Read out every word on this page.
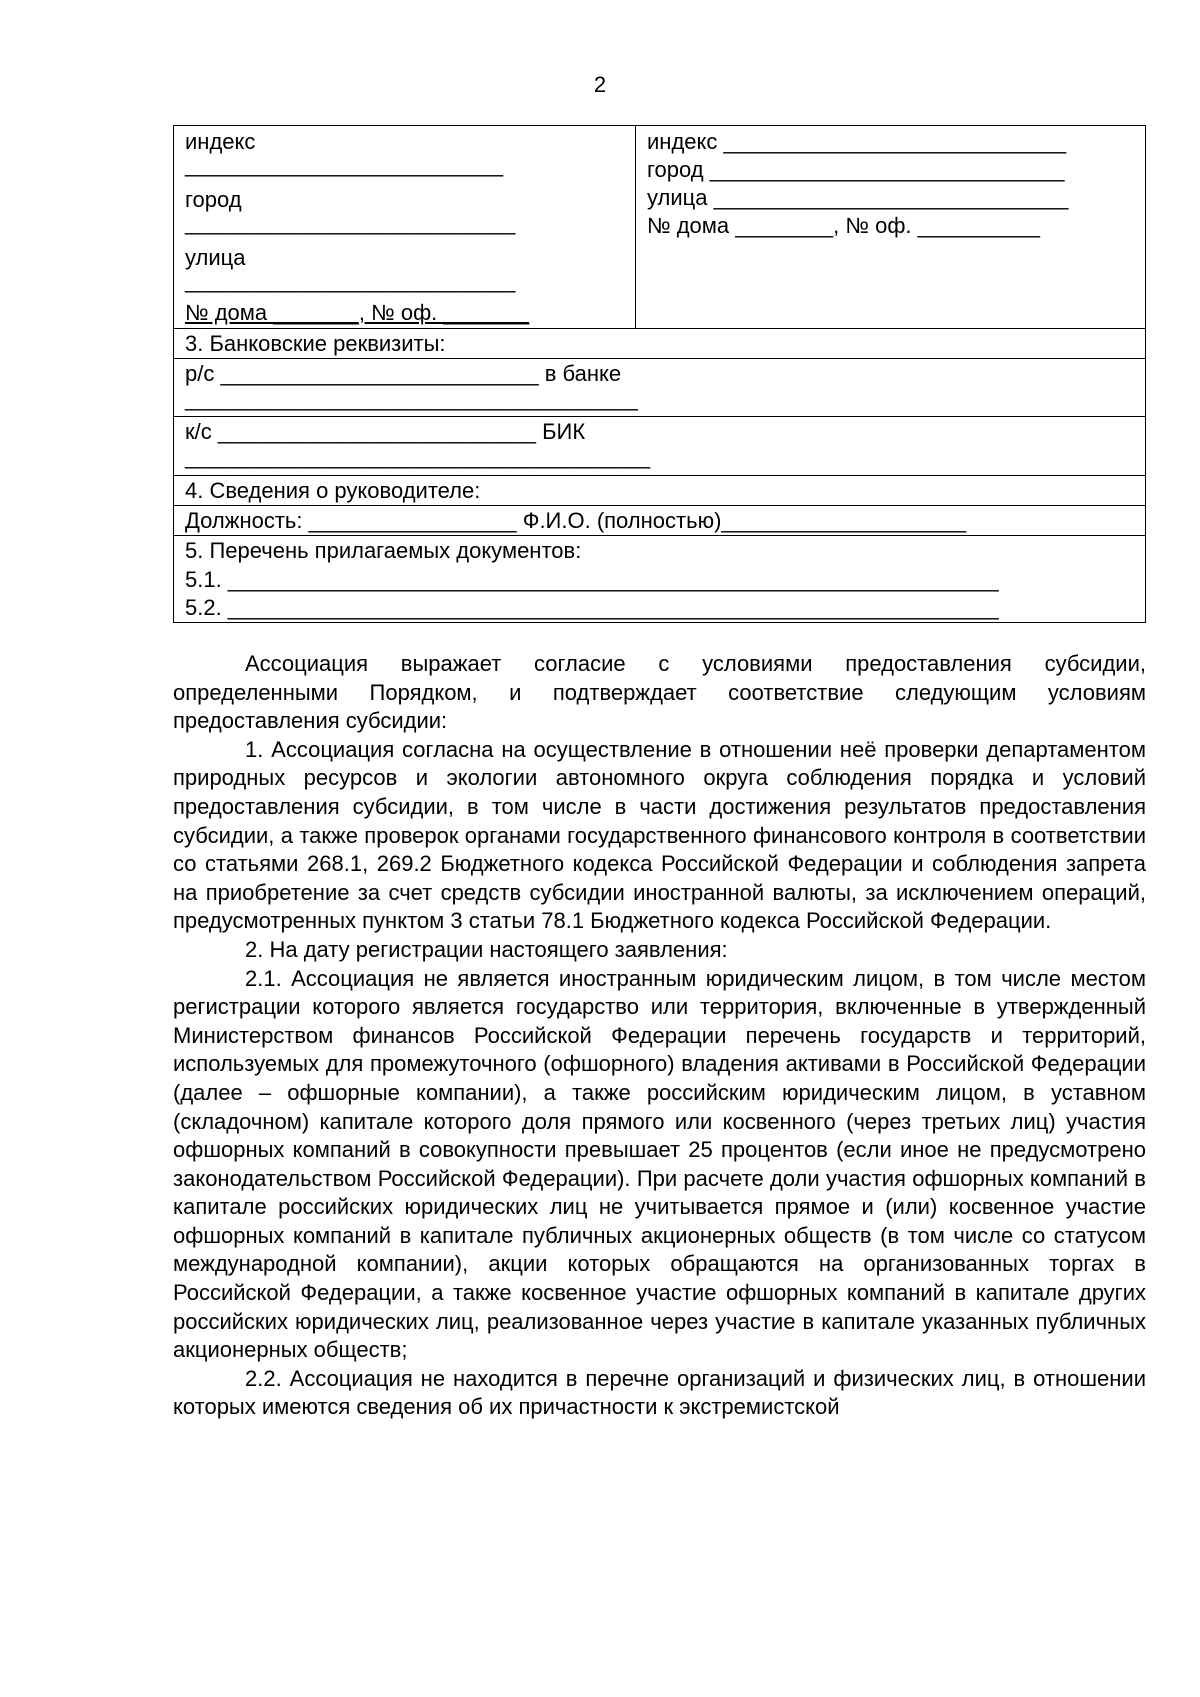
2
индекс
__________________________
город
___________________________
улица
___________________________
№ дома _______, № оф. _______
индекс ____________________________
город _____________________________
улица _____________________________
№ дома ________, № оф. __________
3. Банковские реквизиты:
р/с __________________________ в банке
_____________________________________
к/с __________________________ БИК
______________________________________
4. Сведения о руководителе:
Должность: _________________ Ф.И.О. (полностью)____________________
5. Перечень прилагаемых документов:
5.1. _______________________________________________________________
5.2. _______________________________________________________________

Ассоциация выражает согласие с условиями предоставления субсидии, определенными Порядком, и подтверждает соответствие следующим условиям предоставления субсидии:

1. Ассоциация согласна на осуществление в отношении неё проверки департаментом природных ресурсов и экологии автономного округа соблюдения порядка и условий предоставления субсидии, в том числе в части достижения результатов предоставления субсидии, а также проверок органами государственного финансового контроля в соответствии со статьями 268.1, 269.2 Бюджетного кодекса Российской Федерации и соблюдения запрета на приобретение за счет средств субсидии иностранной валюты, за исключением операций, предусмотренных пунктом 3 статьи 78.1 Бюджетного кодекса Российской Федерации.

2. На дату регистрации настоящего заявления:

2.1. Ассоциация не является иностранным юридическим лицом, в том числе местом регистрации которого является государство или территория, включенные в утвержденный Министерством финансов Российской Федерации перечень государств и территорий, используемых для промежуточного (офшорного) владения активами в Российской Федерации (далее – офшорные компании), а также российским юридическим лицом, в уставном (складочном) капитале которого доля прямого или косвенного (через третьих лиц) участия офшорных компаний в совокупности превышает 25 процентов (если иное не предусмотрено законодательством Российской Федерации). При расчете доли участия офшорных компаний в капитале российских юридических лиц не учитывается прямое и (или) косвенное участие офшорных компаний в капитале публичных акционерных обществ (в том числе со статусом международной компании), акции которых обращаются на организованных торгах в Российской Федерации, а также косвенное участие офшорных компаний в капитале других российских юридических лиц, реализованное через участие в капитале указанных публичных акционерных обществ;

2.2. Ассоциация не находится в перечне организаций и физических лиц, в отношении которых имеются сведения об их причастности к экстремистской
